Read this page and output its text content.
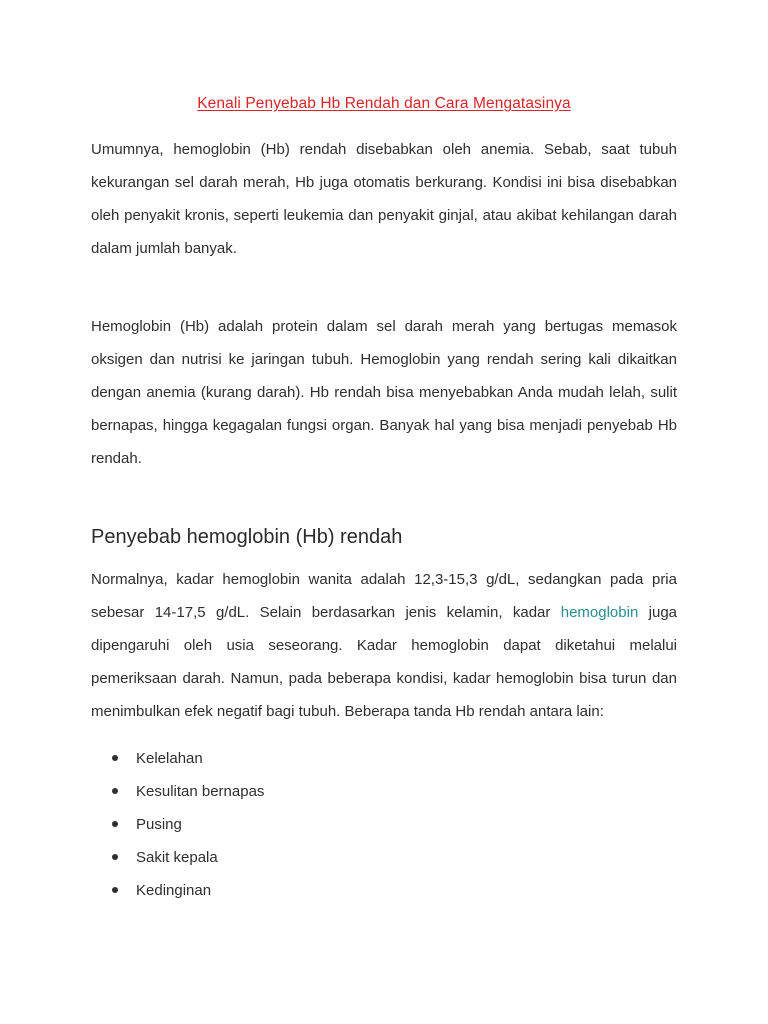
Kenali Penyebab Hb Rendah dan Cara Mengatasinya

Umumnya, hemoglobin (Hb) rendah disebabkan oleh anemia. Sebab, saat tubuh kekurangan sel darah merah, Hb juga otomatis berkurang. Kondisi ini bisa disebabkan oleh penyakit kronis, seperti leukemia dan penyakit ginjal, atau akibat kehilangan darah dalam jumlah banyak.

Hemoglobin (Hb) adalah protein dalam sel darah merah yang bertugas memasok oksigen dan nutrisi ke jaringan tubuh. Hemoglobin yang rendah sering kali dikaitkan dengan anemia (kurang darah). Hb rendah bisa menyebabkan Anda mudah lelah, sulit bernapas, hingga kegagalan fungsi organ. Banyak hal yang bisa menjadi penyebab Hb rendah.

Penyebab hemoglobin (Hb) rendah

Normalnya, kadar hemoglobin wanita adalah 12,3-15,3 g/dL, sedangkan pada pria sebesar 14-17,5 g/dL. Selain berdasarkan jenis kelamin, kadar hemoglobin juga dipengaruhi oleh usia seseorang. Kadar hemoglobin dapat diketahui melalui pemeriksaan darah. Namun, pada beberapa kondisi, kadar hemoglobin bisa turun dan menimbulkan efek negatif bagi tubuh. Beberapa tanda Hb rendah antara lain:

Kelelahan
Kesulitan bernapas
Pusing
Sakit kepala
Kedinginan
